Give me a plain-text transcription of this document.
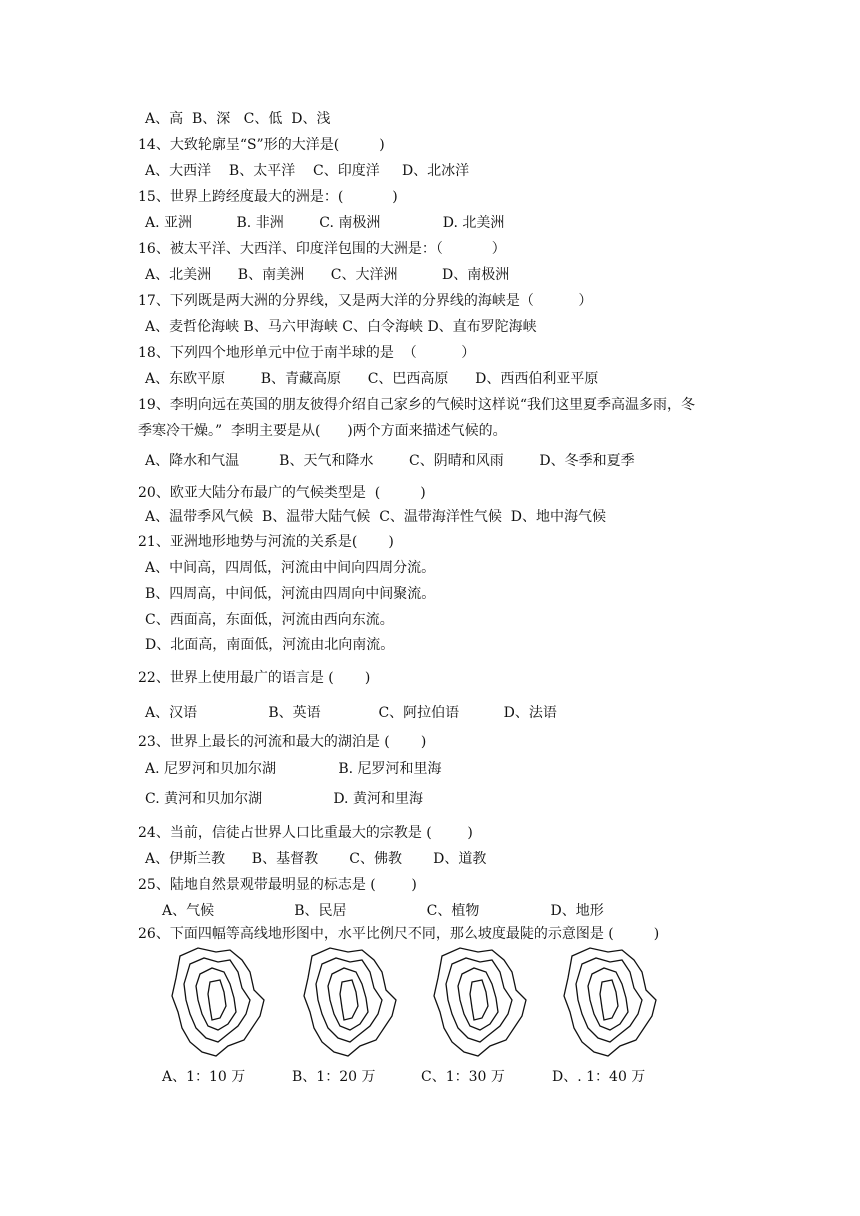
A、高  B、深   C、低  D、浅
14、大致轮廓呈“S”形的大洋是(         )
A、大西洋    B、太平洋    C、印度洋     D、北冰洋
15、世界上跨经度最大的洲是：(           )
A. 亚洲          B. 非洲        C. 南极洲              D. 北美洲
16、被太平洋、大西洋、印度洋包围的大洲是：（           ）
A、北美洲      B、南美洲      C、大洋洲          D、南极洲
17、下列既是两大洲的分界线，又是两大洋的分界线的海峡是（          ）
A、麦哲伦海峡 B、马六甲海峡 C、白令海峡 D、直布罗陀海峡
18、下列四个地形单元中位于南半球的是  （          ）
A、东欧平原        B、青藏高原      C、巴西高原      D、西西伯利亚平原
19、李明向远在英国的朋友彼得介绍自己家乡的气候时这样说“我们这里夏季高温多雨，冬
季寒冷干燥。”  李明主要是从(      )两个方面来描述气候的。
A、降水和气温         B、天气和降水        C、阴晴和风雨        D、冬季和夏季
20、欧亚大陆分布最广的气候类型是  (         )
A、温带季风气候  B、温带大陆气候  C、温带海洋性气候  D、地中海气候
21、亚洲地形地势与河流的关系是(       )
A、中间高，四周低，河流由中间向四周分流。
B、四周高，中间低，河流由四周向中间聚流。
C、西面高，东面低，河流由西向东流。
D、北面高，南面低，河流由北向南流。
22、世界上使用最广的语言是 (       )
A、汉语                B、英语             C、阿拉伯语          D、法语
23、世界上最长的河流和最大的湖泊是 (       )
A. 尼罗河和贝加尔湖              B. 尼罗河和里海
C. 黄河和贝加尔湖                D. 黄河和里海
24、当前，信徒占世界人口比重最大的宗教是 (        )
A、伊斯兰教      B、基督教       C、佛教       D、道教
25、陆地自然景观带最明显的标志是 (        )
A、气候                  B、民居                  C、植物                D、地形
26、下面四幅等高线地形图中，水平比例尺不同，那么坡度最陡的示意图是 (         )
A、1：10 万	B、1：20 万	C、1：30 万	D、. 1：40 万
